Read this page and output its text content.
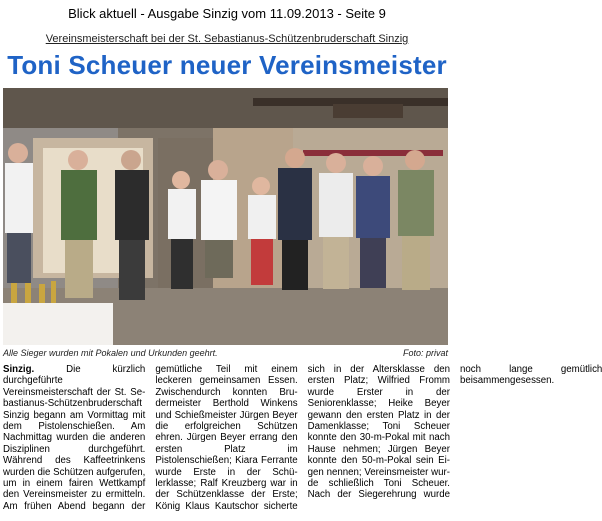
Blick aktuell - Ausgabe Sinzig vom 11.09.2013 - Seite 9
Vereinsmeisterschaft bei der St. Sebastianus-Schützenbruderschaft Sinzig
Toni Scheuer neuer Vereinsmeister
Alle Sieger wurden mit Pokalen und Urkunden geehrt.	Foto: privat

Sinzig. Die kürzlich durchgeführte Vereinsmeisterschaft der St. Sebastianus-Schützenbruderschaft Sinzig begann am Vormittag mit dem Pistolenschießen. Am Nachmittag wurden die anderen Disziplinen durchgeführt. Während des Kaffeetrinkens wurden die Schützen aufgerufen, um in einem fairen Wettkampf den Vereinsmeister zu ermitteln. Am frühen Abend begann der gemütliche Teil mit einem leckeren gemeinsamen Essen. Zwischendurch konnten Brudermeister Berthold Winkens und Schießmeister Jürgen Beyer die erfolgreichen Schützen ehren. Jürgen Beyer errang den ersten Platz im Pistolenschießen; Kiara Ferrante wurde Erste in der Schülerklasse; Ralf Kreuzberg war in der Schützenklasse der Erste; König Klaus Kautschor sicherte sich in der Altersklasse den ersten Platz; Wilfried Fromm wurde Erster in der Seniorenklasse; Heike Beyer gewann den ersten Platz in der Damenklasse; Toni Scheuer konnte den 30-m-Pokal mit nach Hause nehmen; Jürgen Beyer konnte den 50-m-Pokal sein Eigen nennen; Vereinsmeister wurde schließlich Toni Scheuer. Nach der Siegerehrung wurde noch lange gemütlich beisammengesessen.
